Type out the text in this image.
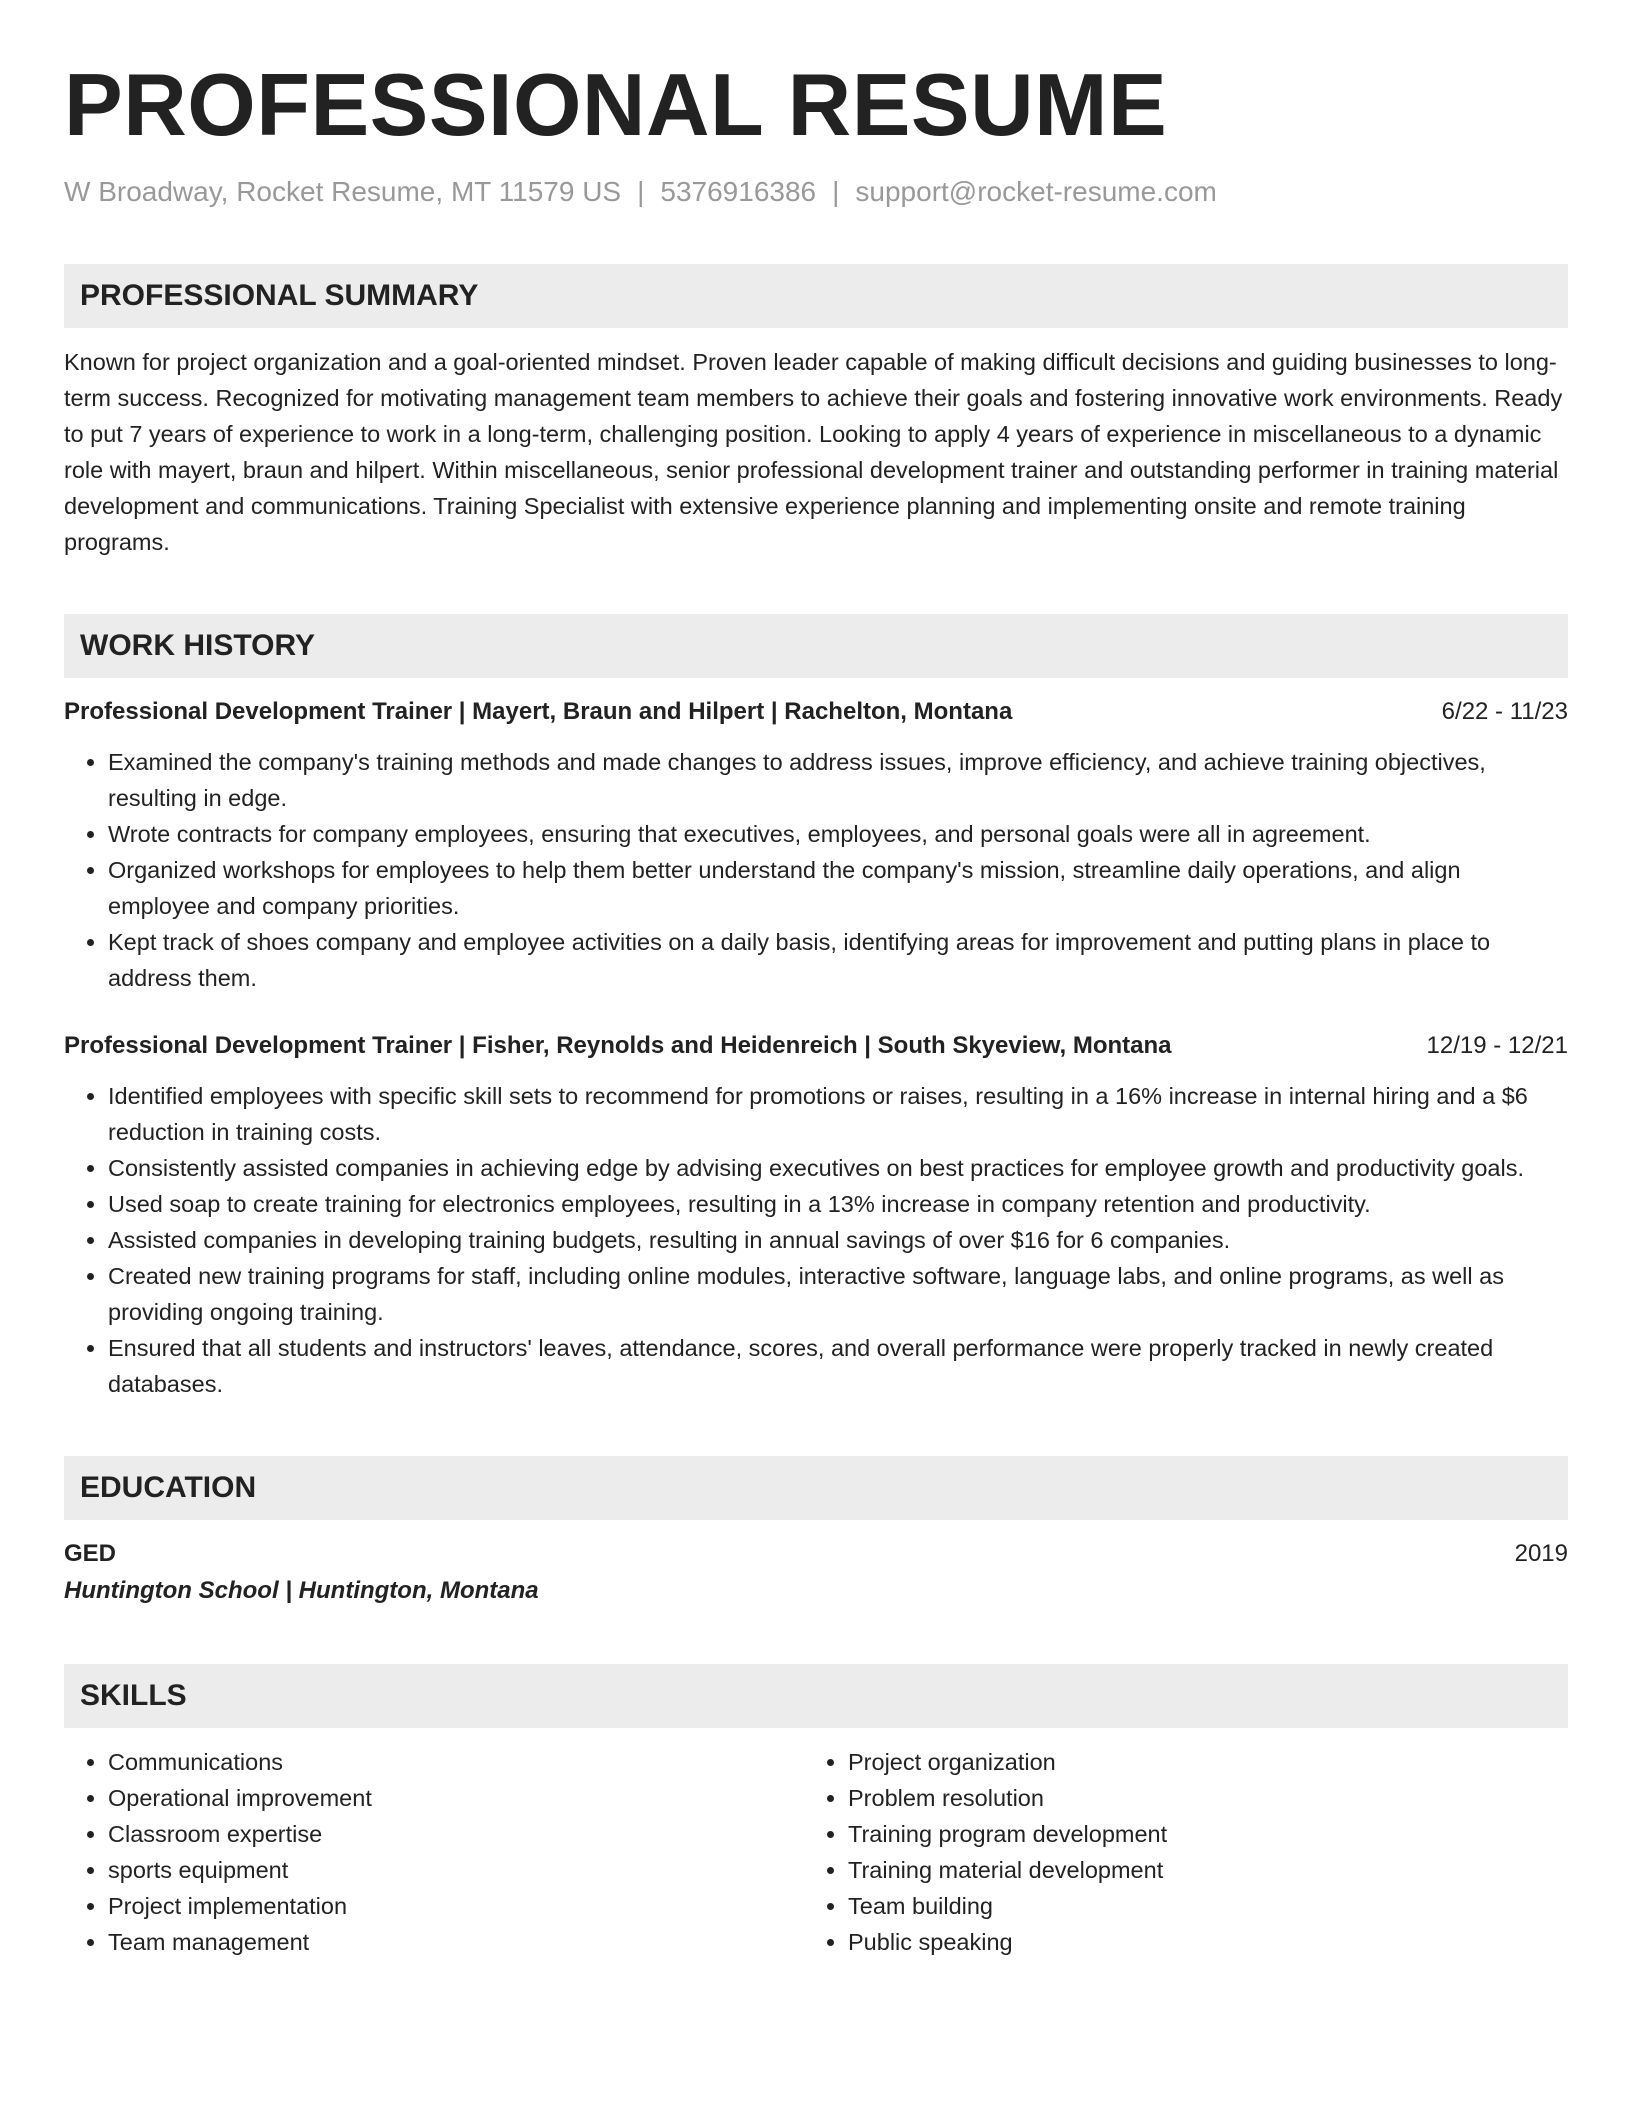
PROFESSIONAL RESUME
W Broadway, Rocket Resume, MT 11579 US | 5376916386 | support@rocket-resume.com
PROFESSIONAL SUMMARY
Known for project organization and a goal-oriented mindset. Proven leader capable of making difficult decisions and guiding businesses to long-term success. Recognized for motivating management team members to achieve their goals and fostering innovative work environments. Ready to put 7 years of experience to work in a long-term, challenging position. Looking to apply 4 years of experience in miscellaneous to a dynamic role with mayert, braun and hilpert. Within miscellaneous, senior professional development trainer and outstanding performer in training material development and communications. Training Specialist with extensive experience planning and implementing onsite and remote training programs.
WORK HISTORY
Professional Development Trainer | Mayert, Braun and Hilpert | Rachelton, Montana	6/22 - 11/23
• Examined the company's training methods and made changes to address issues, improve efficiency, and achieve training objectives, resulting in edge.
• Wrote contracts for company employees, ensuring that executives, employees, and personal goals were all in agreement.
• Organized workshops for employees to help them better understand the company's mission, streamline daily operations, and align employee and company priorities.
• Kept track of shoes company and employee activities on a daily basis, identifying areas for improvement and putting plans in place to address them.
Professional Development Trainer | Fisher, Reynolds and Heidenreich | South Skyeview, Montana	12/19 - 12/21
• Identified employees with specific skill sets to recommend for promotions or raises, resulting in a 16% increase in internal hiring and a $6 reduction in training costs.
• Consistently assisted companies in achieving edge by advising executives on best practices for employee growth and productivity goals.
• Used soap to create training for electronics employees, resulting in a 13% increase in company retention and productivity.
• Assisted companies in developing training budgets, resulting in annual savings of over $16 for 6 companies.
• Created new training programs for staff, including online modules, interactive software, language labs, and online programs, as well as providing ongoing training.
• Ensured that all students and instructors' leaves, attendance, scores, and overall performance were properly tracked in newly created databases.
EDUCATION
GED	2019
Huntington School | Huntington, Montana
SKILLS
• Communications
• Operational improvement
• Classroom expertise
• sports equipment
• Project implementation
• Team management
• Project organization
• Problem resolution
• Training program development
• Training material development
• Team building
• Public speaking
